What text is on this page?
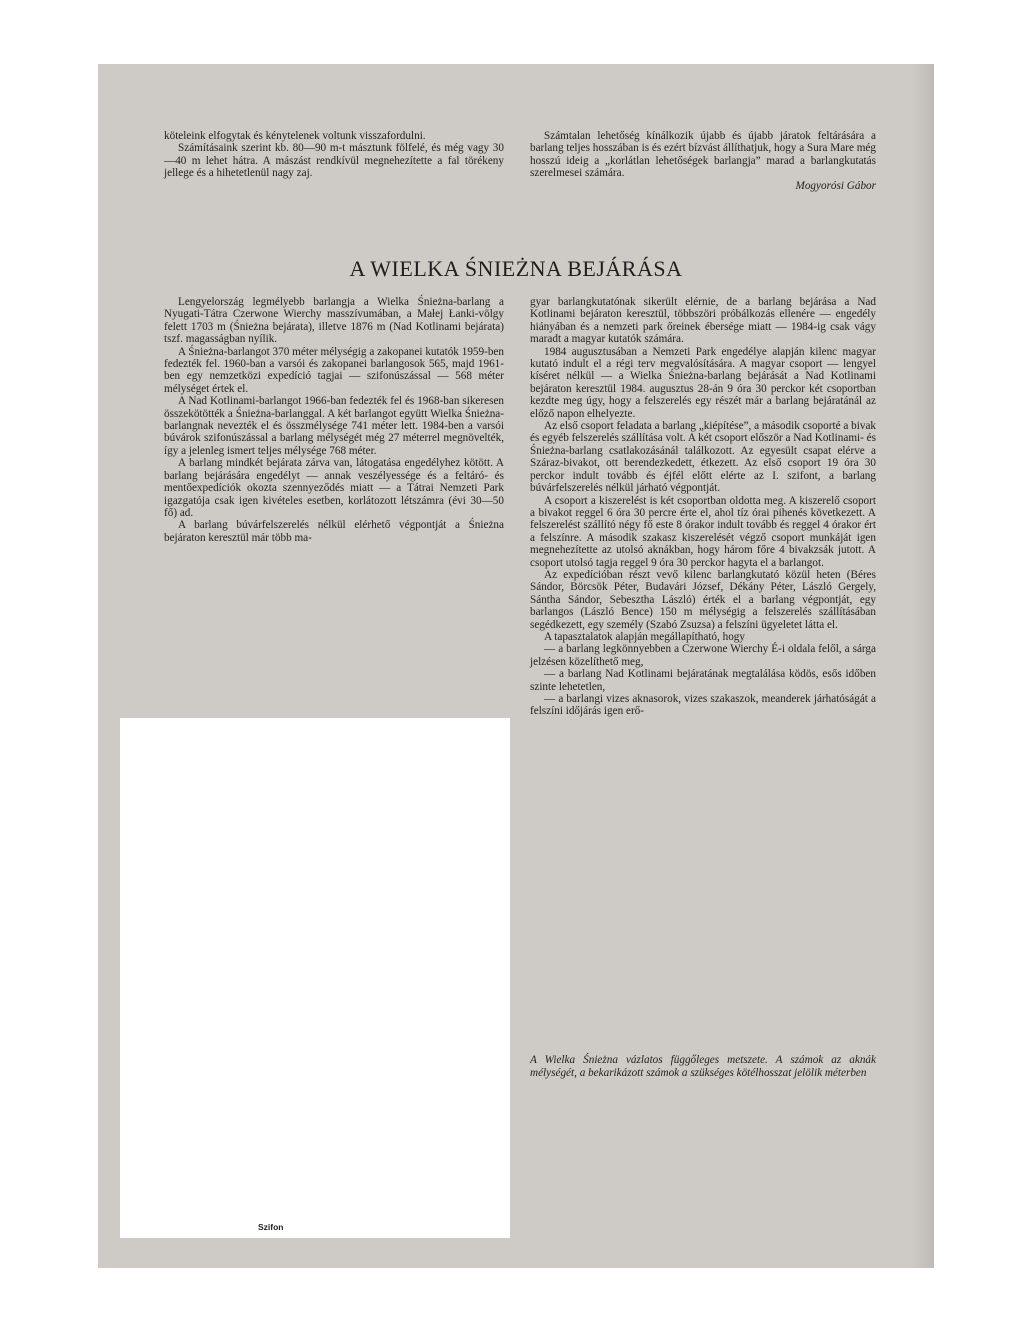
köteleink elfogytak és kénytelenek voltunk visszafordulni.

Számításaink szerint kb. 80—90 m-t másztunk fölfelé, és még vagy 30—40 m lehet hátra. A mászást rendkívül megnehezítette a fal törékeny jellege és a hihetetlenül nagy zaj.

Számtalan lehetőség kínálkozik újabb és újabb járatok feltárására a barlang teljes hosszában is és ezért bízvást állíthatjuk, hogy a Sura Mare még hosszú ideig a „korlátlan lehetőségek barlangja” marad a barlangkutatás szerelmesei számára.

Mogyorósi Gábor

A WIELKA ŚNIEŻNA BEJÁRÁSA

Lengyelország legmélyebb barlangja a Wielka Śnieżna-barlang a Nyugati-Tátra Czerwone Wierchy masszívumában, a Małej Łanki-völgy felett 1703 m (Śnieżna bejárata), illetve 1876 m (Nad Kotlinami bejárata) tszf. magasságban nyílik.

A Śnieżna-barlangot 370 méter mélységig a zakopanei kutatók 1959-ben fedezték fel. 1960-ban a varsói és zakopanei barlangosok 565, majd 1961-ben egy nemzetközi expedíció tagjai — szifonúszással — 568 méter mélységet értek el.

A Nad Kotlinami-barlangot 1966-ban fedezték fel és 1968-ban sikeresen összekötötték a Śnieżna-barlanggal. A két barlangot együtt Wielka Śnieżna-barlangnak nevezték el és összmélysége 741 méter lett. 1984-ben a varsói búvárok szifonúszással a barlang mélységét még 27 méterrel megnövelték, így a jelenleg ismert teljes mélysége 768 méter.

A barlang mindkét bejárata zárva van, látogatása engedélyhez kötött. A barlang bejárására engedélyt — annak veszélyessége és a feltáró- és mentőexpedíciók okozta szennyeződés miatt — a Tátrai Nemzeti Park igazgatója csak igen kivételes esetben, korlátozott létszámra (évi 30—50 fő) ad.

A barlang búvárfelszerelés nélkül elérhető végpontját a Śnieżna bejáraton keresztül már több ma-

gyar barlangkutatónak sikerült elérnie, de a barlang bejárása a Nad Kotlinami bejáraton keresztül, többszöri próbálkozás ellenére — engedély hiányában és a nemzeti park őreinek ébersége miatt — 1984-ig csak vágy maradt a magyar kutatók számára.

1984 augusztusában a Nemzeti Park engedélye alapján kilenc magyar kutató indult el a régi terv megvalósítására. A magyar csoport — lengyel kíséret nélkül — a Wielka Śnieżna-barlang bejárását a Nad Kotlinami bejáraton keresztül 1984. augusztus 28-án 9 óra 30 perckor két csoportban kezdte meg úgy, hogy a felszerelés egy részét már a barlang bejáratánál az előző napon elhelyezte.

Az első csoport feladata a barlang „kiépítése”, a második csoporté a bivak és egyéb felszerelés szállítása volt. A két csoport először a Nad Kotlinami- és Śnieżna-barlang csatlakozásánál találkozott. Az egyesült csapat elérve a Száraz-bivakot, ott berendezkedett, étkezett. Az első csoport 19 óra 30 perckor indult tovább és éjfél előtt elérte az I. szifont, a barlang búvárfelszerelés nélkül járható végpontját.

A csoport a kiszerelést is két csoportban oldotta meg. A kiszerelő csoport a bivakot reggel 6 óra 30 percre érte el, ahol tíz órai pihenés következett. A felszerelést szállító négy fő este 8 órakor indult tovább és reggel 4 órakor ért a felszínre. A második szakasz kiszerelését végző csoport munkáját igen megnehezítette az utolsó aknákban, hogy három főre 4 bivakzsák jutott. A csoport utolsó tagja reggel 9 óra 30 perckor hagyta el a barlangot.

Az expedícióban részt vevő kilenc barlangkutató közül heten (Béres Sándor, Börcsök Péter, Budavári József, Dékány Péter, László Gergely, Sántha Sándor, Sebesztha László) érték el a barlang végpontját, egy barlangos (László Bence) 150 m mélységig a felszerelés szállításában segédkezett, egy személy (Szabó Zsuzsa) a felszíni ügyeletet látta el.

A tapasztalatok alapján megállapítható, hogy

— a barlang legkönnyebben a Czerwone Wierchy É-i oldala felől, a sárga jelzésen közelíthető meg,

— a barlang Nad Kotlinami bejáratának megtalálása ködös, esős időben szinte lehetetlen,

— a barlangi vizes aknasorok, vizes szakaszok, meanderek járhatóságát a felszíni időjárás igen erő-

Szifon

A Wielka Śnieżna vázlatos függőleges metszete. A számok az aknák mélységét, a bekarikázott számok a szükséges kötélhosszat jelölik méterben
